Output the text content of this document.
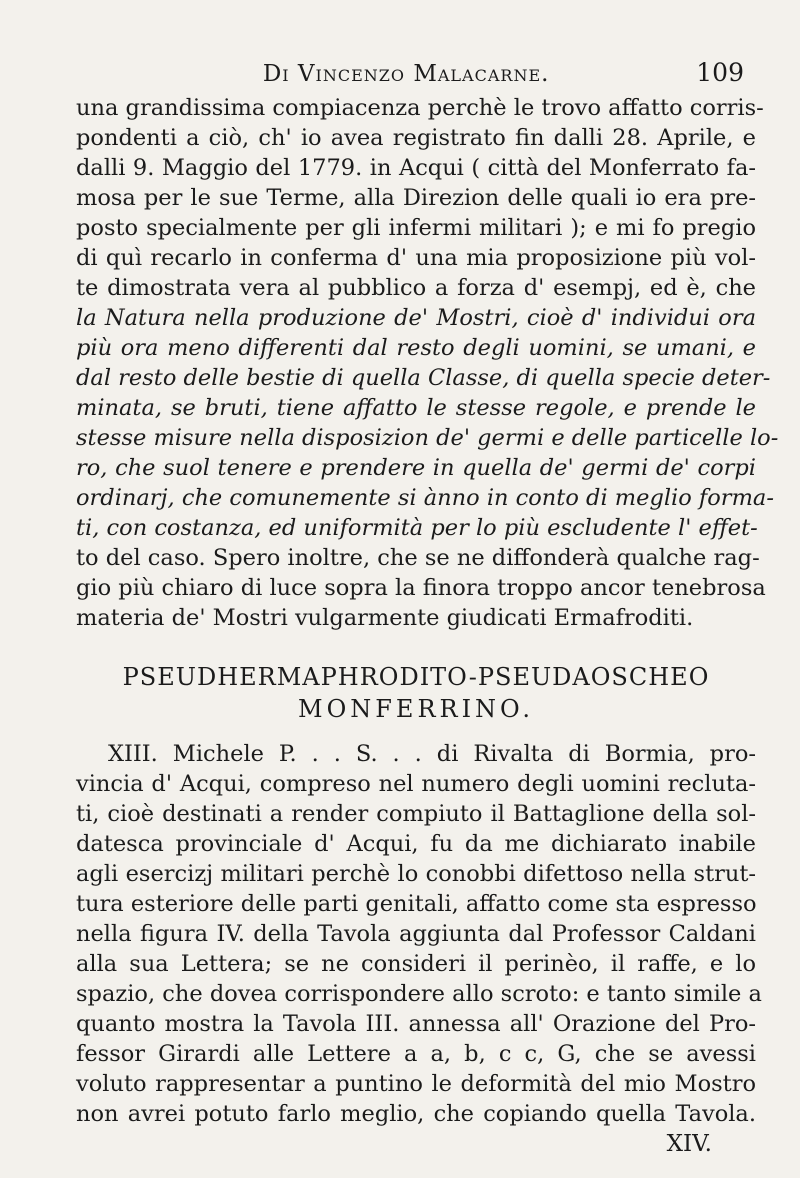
Di Vincenzo Malacarne.	109
una grandissima compiacenza perchè le trovo affatto corris-
pondenti a ciò, ch' io avea registrato fin dalli 28. Aprile, e
dalli 9. Maggio del 1779. in Acqui ( città del Monferrato fa-
mosa per le sue Terme, alla Direzion delle quali io era pre-
posto specialmente per gli infermi militari ); e mi fo pregio
di quì recarlo in conferma d' una mia proposizione più vol-
te dimostrata vera al pubblico a forza d' esempj, ed è, che
la Natura nella produzione de' Mostri, cioè d' individui ora
più ora meno differenti dal resto degli uomini, se umani, e
dal resto delle bestie di quella Classe, di quella specie deter-
minata, se bruti, tiene affatto le stesse regole, e prende le
stesse misure nella disposizion de' germi e delle particelle lo-
ro, che suol tenere e prendere in quella de' germi de' corpi
ordinarj, che comunemente si ànno in conto di meglio forma-
ti, con costanza, ed uniformità per lo più escludente l' effet-
to del caso. Spero inoltre, che se ne diffonderà qualche rag-
gio più chiaro di luce sopra la finora troppo ancor tenebrosa
materia de' Mostri vulgarmente giudicati Ermafroditi.
PSEUDHERMAPHRODITO-PSEUDAOSCHEO
MONFERRINO.
XIII. Michele P. . . S. . . di Rivalta di Bormia, pro-
vincia d' Acqui, compreso nel numero degli uomini recluta-
ti, cioè destinati a render compiuto il Battaglione della sol-
datesca provinciale d' Acqui, fu da me dichiarato inabile
agli esercizj militari perchè lo conobbi difettoso nella strut-
tura esteriore delle parti genitali, affatto come sta espresso
nella figura IV. della Tavola aggiunta dal Professor Caldani
alla sua Lettera; se ne consideri il perinèo, il raffe, e lo
spazio, che dovea corrispondere allo scroto: e tanto simile a
quanto mostra la Tavola III. annessa all' Orazione del Pro-
fessor Girardi alle Lettere a a, b, c c, G, che se avessi
voluto rappresentar a puntino le deformità del mio Mostro
non avrei potuto farlo meglio, che copiando quella Tavola.
XIV.
